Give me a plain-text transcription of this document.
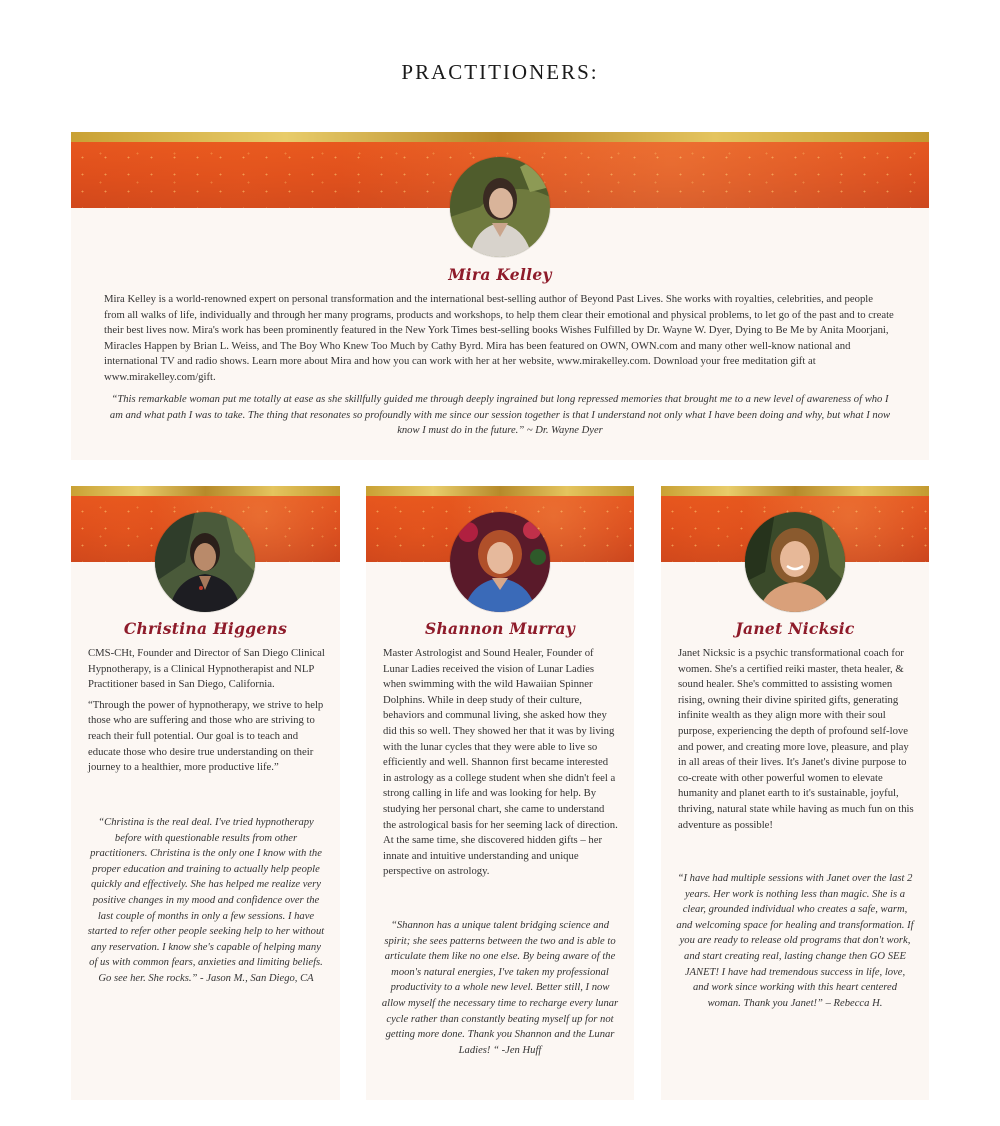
PRACTITIONERS:
Mira Kelley

Mira Kelley is a world-renowned expert on personal transformation and the international best-selling author of Beyond Past Lives. She works with royalties, celebrities, and people from all walks of life, individually and through her many programs, products and workshops, to help them clear their emotional and physical problems, to let go of the past and to create their best lives now. Mira's work has been prominently featured in the New York Times best-selling books Wishes Fulfilled by Dr. Wayne W. Dyer, Dying to Be Me by Anita Moorjani, Miracles Happen by Brian L. Weiss, and The Boy Who Knew Too Much by Cathy Byrd. Mira has been featured on OWN, OWN.com and many other well-know national and international TV and radio shows. Learn more about Mira and how you can work with her at her website, www.mirakelley.com. Download your free meditation gift at www.mirakelley.com/gift.

“This remarkable woman put me totally at ease as she skillfully guided me through deeply ingrained but long repressed memories that brought me to a new level of awareness of who I am and what path I was to take. The thing that resonates so profoundly with me since our session together is that I understand not only what I have been doing and why, but what I now know I must do in the future.” ~ Dr. Wayne Dyer
Christina Higgens

CMS-CHt, Founder and Director of San Diego Clinical Hypnotherapy, is a Clinical Hypnotherapist and NLP Practitioner based in San Diego, California.

“Through the power of hypnotherapy, we strive to help those who are suffering and those who are striving to reach their full potential. Our goal is to teach and educate those who desire true understanding on their journey to a healthier, more productive life.”

“Christina is the real deal. I've tried hypnotherapy before with questionable results from other practitioners. Christina is the only one I know with the proper education and training to actually help people quickly and effectively. She has helped me realize very positive changes in my mood and confidence over the last couple of months in only a few sessions. I have started to refer other people seeking help to her without any reservation. I know she's capable of helping many of us with common fears, anxieties and limiting beliefs. Go see her. She rocks.” - Jason M., San Diego, CA
Shannon Murray

Master Astrologist and Sound Healer, Founder of Lunar Ladies received the vision of Lunar Ladies when swimming with the wild Hawaiian Spinner Dolphins. While in deep study of their culture, behaviors and communal living, she asked how they did this so well. They showed her that it was by living with the lunar cycles that they were able to live so efficiently and well. Shannon first became interested in astrology as a college student when she didn't feel a strong calling in life and was looking for help. By studying her personal chart, she came to understand the astrological basis for her seeming lack of direction. At the same time, she discovered hidden gifts – her innate and intuitive understanding and unique perspective on astrology.

“Shannon has a unique talent bridging science and spirit; she sees patterns between the two and is able to articulate them like no one else. By being aware of the moon's natural energies, I've taken my professional productivity to a whole new level. Better still, I now allow myself the necessary time to recharge every lunar cycle rather than constantly beating myself up for not getting more done. Thank you Shannon and the Lunar Ladies! “ -Jen Huff
Janet Nicksic

Janet Nicksic is a psychic transformational coach for women. She's a certified reiki master, theta healer, & sound healer. She's committed to assisting women rising, owning their divine spirited gifts, generating infinite wealth as they align more with their soul purpose, experiencing the depth of profound self-love and power, and creating more love, pleasure, and play in all areas of their lives. It's Janet's divine purpose to co-create with other powerful women to elevate humanity and planet earth to it's sustainable, joyful, thriving, natural state while having as much fun on this adventure as possible!

“I have had multiple sessions with Janet over the last 2 years. Her work is nothing less than magic. She is a clear, grounded individual who creates a safe, warm, and welcoming space for healing and transformation. If you are ready to release old programs that don't work, and start creating real, lasting change then GO SEE JANET! I have had tremendous success in life, love, and work since working with this heart centered woman. Thank you Janet!” – Rebecca H.
